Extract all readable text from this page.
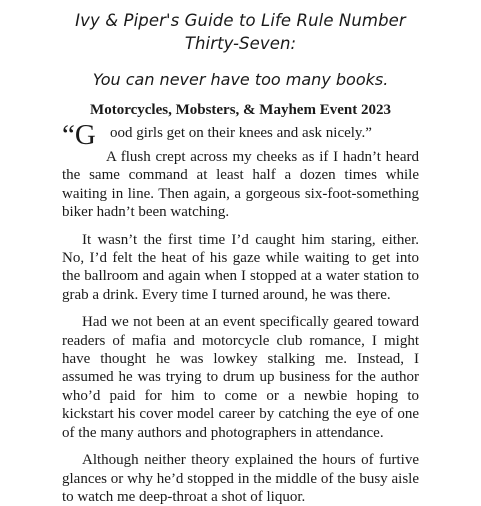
Ivy & Piper's Guide to Life Rule Number Thirty-Seven:
You can never have too many books.
Motorcycles, Mobsters, & Mayhem Event 2023
“G ood girls get on their knees and ask nicely.”

A flush crept across my cheeks as if I hadn’t heard the same command at least half a dozen times while waiting in line. Then again, a gorgeous six-foot-something biker hadn’t been watching.

It wasn’t the first time I’d caught him staring, either. No, I’d felt the heat of his gaze while waiting to get into the ballroom and again when I stopped at a water station to grab a drink. Every time I turned around, he was there.

Had we not been at an event specifically geared toward readers of mafia and motorcycle club romance, I might have thought he was lowkey stalking me. Instead, I assumed he was trying to drum up business for the author who’d paid for him to come or a newbie hoping to kickstart his cover model career by catching the eye of one of the many authors and photographers in attendance.

Although neither theory explained the hours of furtive glances or why he’d stopped in the middle of the busy aisle to watch me deep-throat a shot of liquor.
